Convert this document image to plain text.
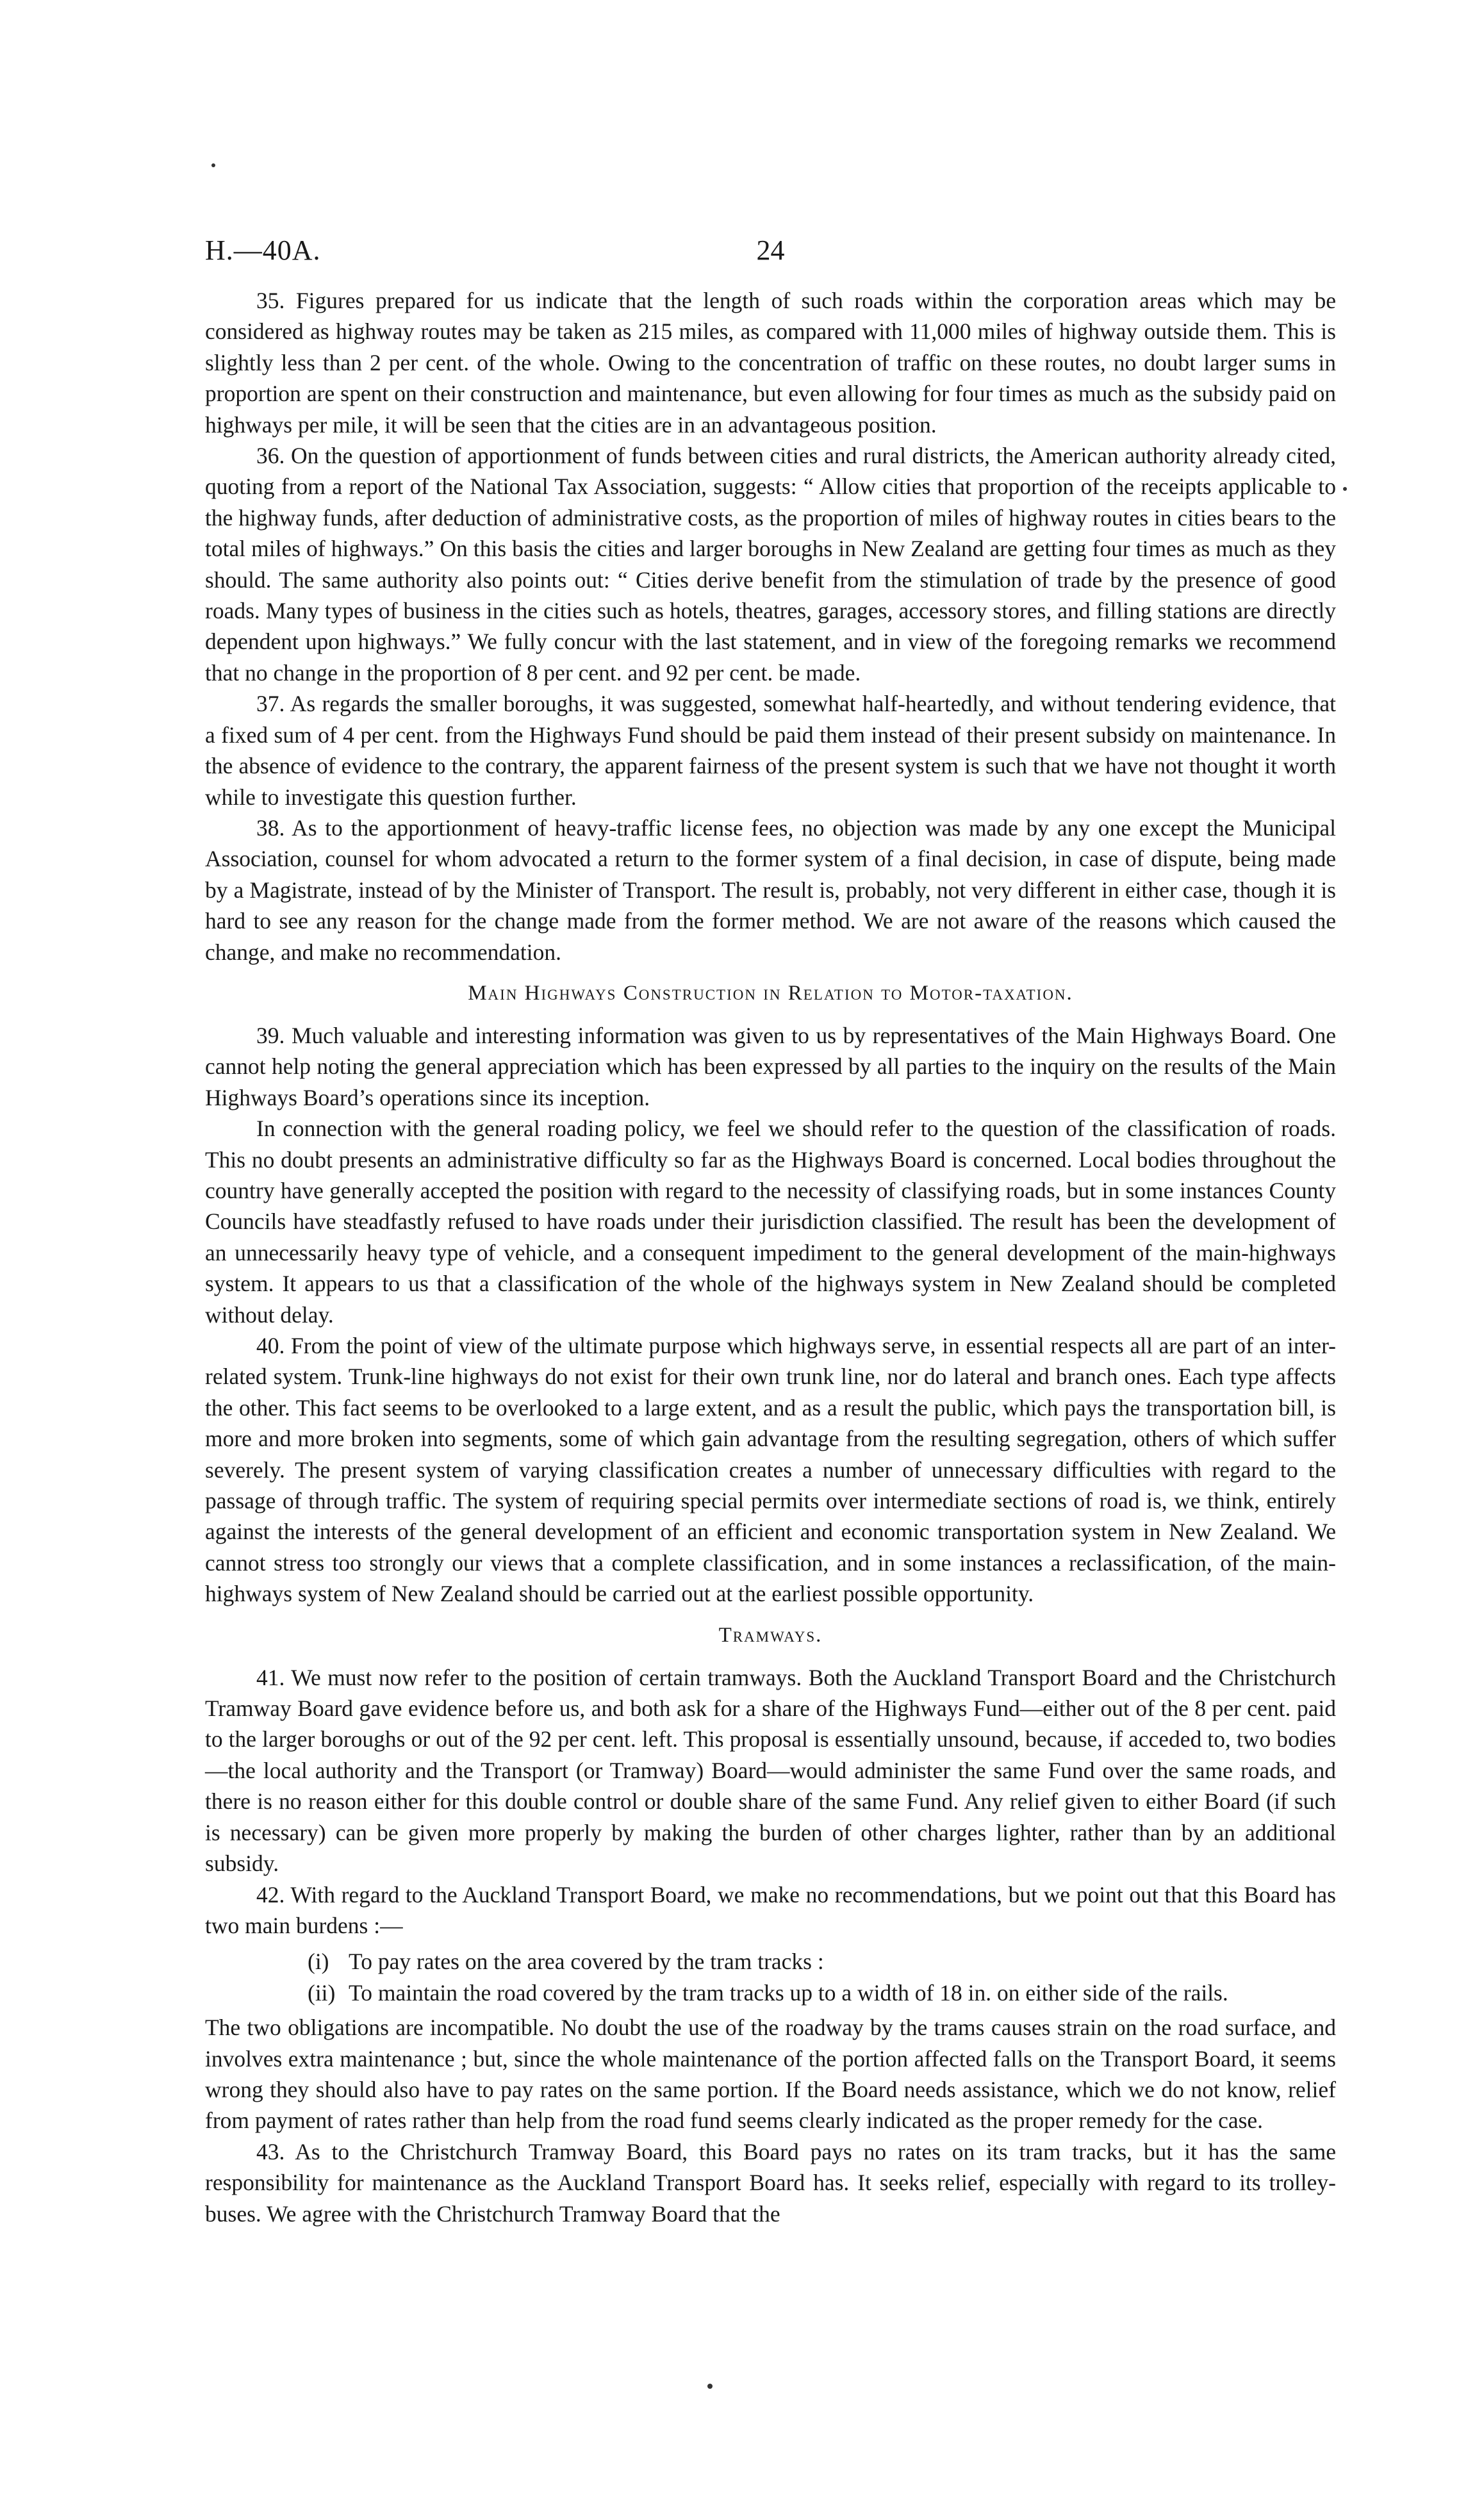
H.—40A.	24

35. Figures prepared for us indicate that the length of such roads within the corporation areas which may be considered as highway routes may be taken as 215 miles, as compared with 11,000 miles of highway outside them. This is slightly less than 2 per cent. of the whole. Owing to the concentration of traffic on these routes, no doubt larger sums in proportion are spent on their construction and maintenance, but even allowing for four times as much as the subsidy paid on highways per mile, it will be seen that the cities are in an advantageous position.

36. On the question of apportionment of funds between cities and rural districts, the American authority already cited, quoting from a report of the National Tax Association, suggests: “ Allow cities that proportion of the receipts applicable to the highway funds, after deduction of administrative costs, as the proportion of miles of highway routes in cities bears to the total miles of highways.” On this basis the cities and larger boroughs in New Zealand are getting four times as much as they should. The same authority also points out: “ Cities derive benefit from the stimulation of trade by the presence of good roads. Many types of business in the cities such as hotels, theatres, garages, accessory stores, and filling stations are directly dependent upon highways.” We fully concur with the last statement, and in view of the foregoing remarks we recommend that no change in the proportion of 8 per cent. and 92 per cent. be made.

37. As regards the smaller boroughs, it was suggested, somewhat half-heartedly, and without tendering evidence, that a fixed sum of 4 per cent. from the Highways Fund should be paid them instead of their present subsidy on maintenance. In the absence of evidence to the contrary, the apparent fairness of the present system is such that we have not thought it worth while to investigate this question further.

38. As to the apportionment of heavy-traffic license fees, no objection was made by any one except the Municipal Association, counsel for whom advocated a return to the former system of a final decision, in case of dispute, being made by a Magistrate, instead of by the Minister of Transport. The result is, probably, not very different in either case, though it is hard to see any reason for the change made from the former method. We are not aware of the reasons which caused the change, and make no recommendation.

Main Highways Construction in Relation to Motor-taxation.

39. Much valuable and interesting information was given to us by representatives of the Main Highways Board. One cannot help noting the general appreciation which has been expressed by all parties to the inquiry on the results of the Main Highways Board’s operations since its inception.

In connection with the general roading policy, we feel we should refer to the question of the classification of roads. This no doubt presents an administrative difficulty so far as the Highways Board is concerned. Local bodies throughout the country have generally accepted the position with regard to the necessity of classifying roads, but in some instances County Councils have steadfastly refused to have roads under their jurisdiction classified. The result has been the development of an unnecessarily heavy type of vehicle, and a consequent impediment to the general development of the main-highways system. It appears to us that a classification of the whole of the highways system in New Zealand should be completed without delay.

40. From the point of view of the ultimate purpose which highways serve, in essential respects all are part of an inter-related system. Trunk-line highways do not exist for their own trunk line, nor do lateral and branch ones. Each type affects the other. This fact seems to be overlooked to a large extent, and as a result the public, which pays the transportation bill, is more and more broken into segments, some of which gain advantage from the resulting segregation, others of which suffer severely. The present system of varying classification creates a number of unnecessary difficulties with regard to the passage of through traffic. The system of requiring special permits over intermediate sections of road is, we think, entirely against the interests of the general development of an efficient and economic transportation system in New Zealand. We cannot stress too strongly our views that a complete classification, and in some instances a reclassification, of the main-highways system of New Zealand should be carried out at the earliest possible opportunity.

Tramways.

41. We must now refer to the position of certain tramways. Both the Auckland Transport Board and the Christchurch Tramway Board gave evidence before us, and both ask for a share of the Highways Fund—either out of the 8 per cent. paid to the larger boroughs or out of the 92 per cent. left. This proposal is essentially unsound, because, if acceded to, two bodies—the local authority and the Transport (or Tramway) Board—would administer the same Fund over the same roads, and there is no reason either for this double control or double share of the same Fund. Any relief given to either Board (if such is necessary) can be given more properly by making the burden of other charges lighter, rather than by an additional subsidy.

42. With regard to the Auckland Transport Board, we make no recommendations, but we point out that this Board has two main burdens :—

(i) To pay rates on the area covered by the tram tracks :
(ii) To maintain the road covered by the tram tracks up to a width of 18 in. on either side of the rails.

The two obligations are incompatible. No doubt the use of the roadway by the trams causes strain on the road surface, and involves extra maintenance ; but, since the whole maintenance of the portion affected falls on the Transport Board, it seems wrong they should also have to pay rates on the same portion. If the Board needs assistance, which we do not know, relief from payment of rates rather than help from the road fund seems clearly indicated as the proper remedy for the case.

43. As to the Christchurch Tramway Board, this Board pays no rates on its tram tracks, but it has the same responsibility for maintenance as the Auckland Transport Board has. It seeks relief, especially with regard to its trolley-buses. We agree with the Christchurch Tramway Board that the
